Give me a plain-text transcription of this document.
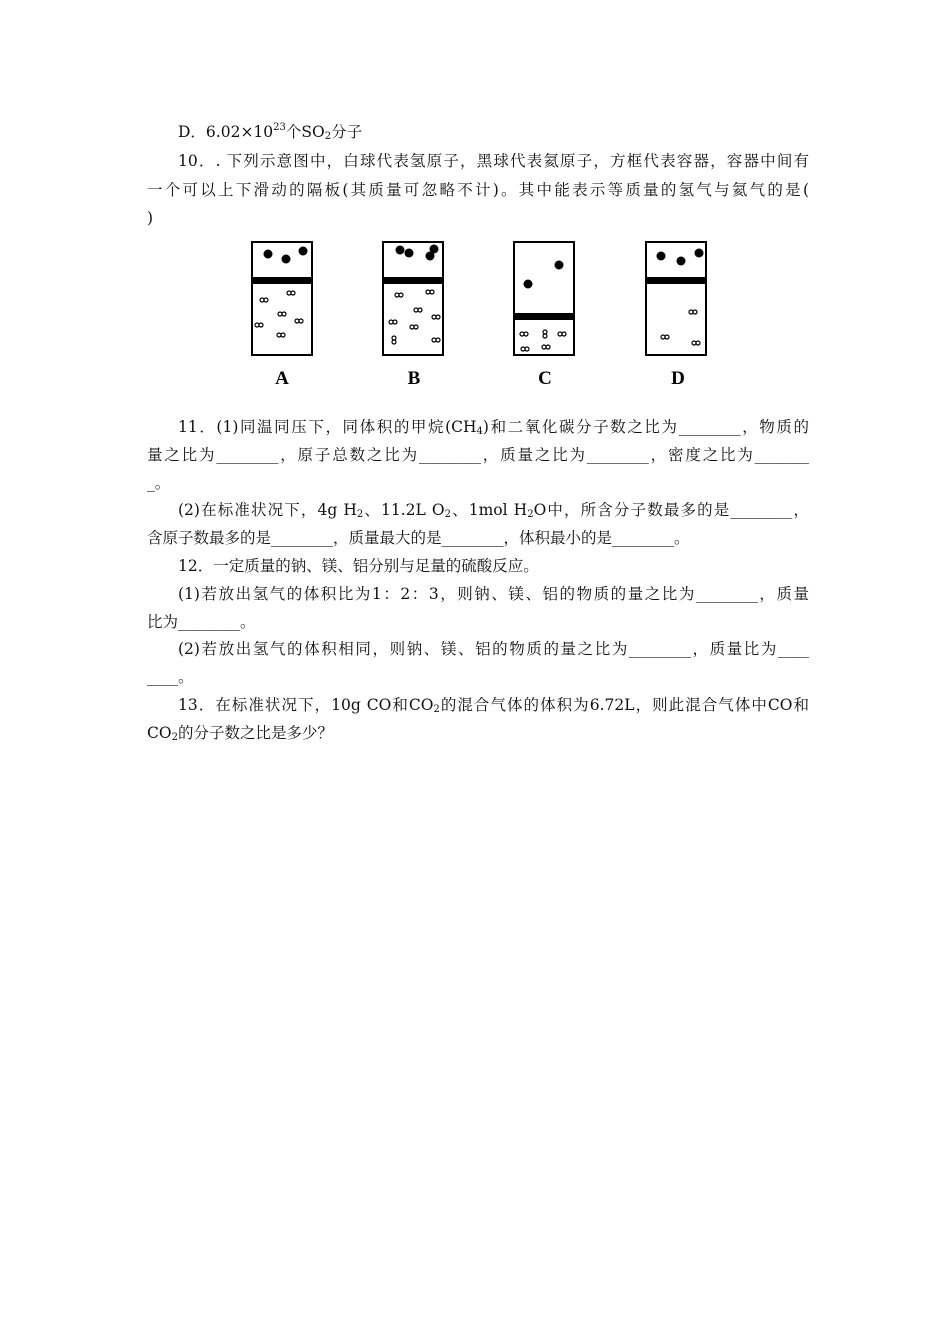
D．$6.02\times 10^{23}$个$SO_2$分子
10．. 下列示意图中，白球代表氢原子，黑球代表氦原子，方框代表容器，容器中间有
一个可以上下滑动的隔板(其质量可忽略不计)。其中能表示等质量的氢气与氦气的是(
)
A	B	C	D
11．(1)同温同压下，同体积的甲烷$(CH_4)$和二氧化碳分子数之比为________，物质的
量之比为________，原子总数之比为________，质量之比为________，密度之比为_______
_。
(2)在标准状况下，4g $H_2$、11.2L $O_2$、1mol $H_2O$中，所含分子数最多的是________，
含原子数最多的是________，质量最大的是________，体积最小的是________。
12．一定质量的钠、镁、铝分别与足量的硫酸反应。
(1)若放出氢气的体积比为1：2：3，则钠、镁、铝的物质的量之比为________，质量
比为________。
(2)若放出氢气的体积相同，则钠、镁、铝的物质的量之比为________，质量比为____
____。
13．在标准状况下，10g CO和$CO_2$的混合气体的体积为6.72L，则此混合气体中CO和
$CO_2$的分子数之比是多少？
